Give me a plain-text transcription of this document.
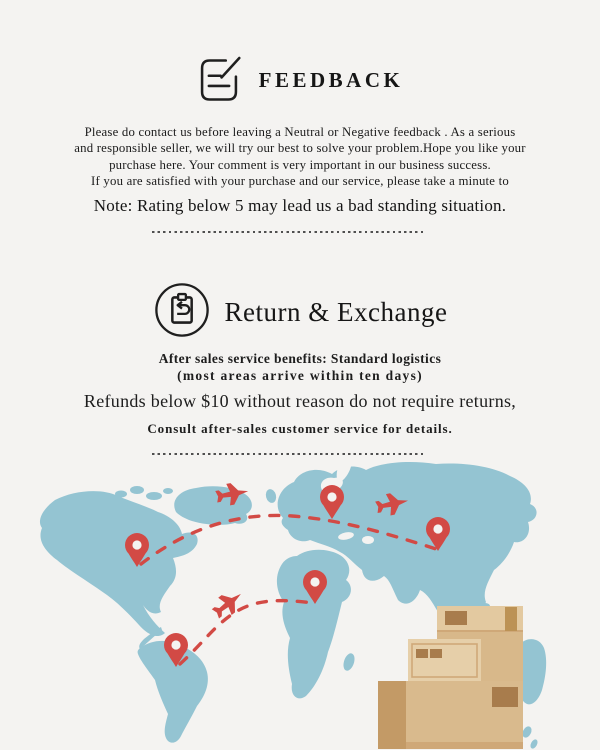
FEEDBACK
Please do contact us before leaving a Neutral or Negative feedback . As a serious
and responsible seller, we will try our best to solve your problem.Hope you like your
purchase here. Your comment is very important in our business success.
If you are satisfied with your purchase and our service, please take a minute to
Note: Rating below 5 may lead us a bad standing situation.
Return & Exchange
After sales service benefits: Standard logistics
(most areas arrive within ten days)
Refunds below $10 without reason do not require returns,
Consult after-sales customer service for details.
